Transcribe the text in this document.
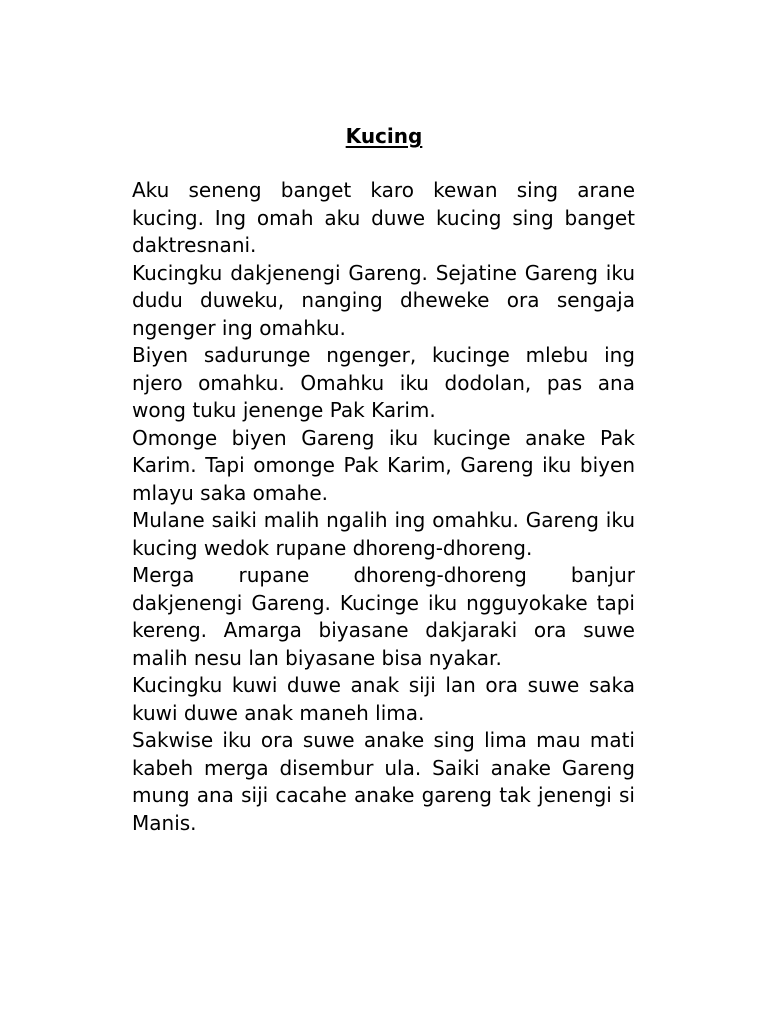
Kucing

Aku seneng banget karo kewan sing arane kucing. Ing omah aku duwe kucing sing banget daktresnani.

Kucingku dakjenengi Gareng. Sejatine Gareng iku dudu duweku, nanging dheweke ora sengaja ngenger ing omahku.

Biyen sadurunge ngenger, kucinge mlebu ing njero omahku. Omahku iku dodolan, pas ana wong tuku jenenge Pak Karim.

Omonge biyen Gareng iku kucinge anake Pak Karim. Tapi omonge Pak Karim, Gareng iku biyen mlayu saka omahe.

Mulane saiki malih ngalih ing omahku. Gareng iku kucing wedok rupane dhoreng-dhoreng.

Merga rupane dhoreng-dhoreng banjur dakjenengi Gareng. Kucinge iku ngguyokake tapi kereng. Amarga biyasane dakjaraki ora suwe malih nesu lan biyasane bisa nyakar.

Kucingku kuwi duwe anak siji lan ora suwe saka kuwi duwe anak maneh lima.

Sakwise iku ora suwe anake sing lima mau mati kabeh merga disembur ula. Saiki anake Gareng mung ana siji cacahe anake gareng tak jenengi si Manis.
